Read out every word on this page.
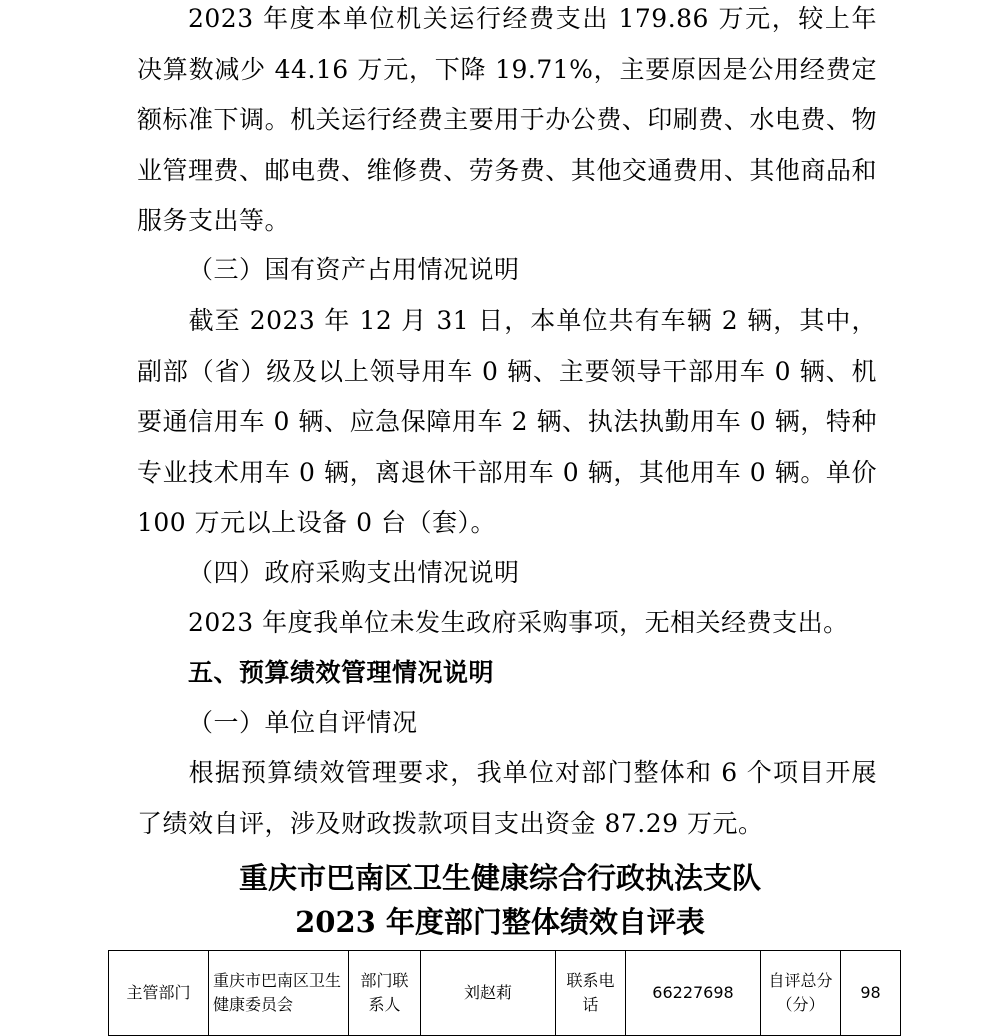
2023 年度本单位机关运行经费支出 179.86 万元，较上年决算数减少 44.16 万元，下降 19.71%，主要原因是公用经费定额标准下调。机关运行经费主要用于办公费、印刷费、水电费、物业管理费、邮电费、维修费、劳务费、其他交通费用、其他商品和服务支出等。
（三）国有资产占用情况说明
截至 2023 年 12 月 31 日，本单位共有车辆 2 辆，其中，副部（省）级及以上领导用车 0 辆、主要领导干部用车 0 辆、机要通信用车 0 辆、应急保障用车 2 辆、执法执勤用车 0 辆，特种专业技术用车 0 辆，离退休干部用车 0 辆，其他用车 0 辆。单价 100 万元以上设备 0 台（套）。
（四）政府采购支出情况说明
2023 年度我单位未发生政府采购事项，无相关经费支出。
五、预算绩效管理情况说明
（一）单位自评情况
根据预算绩效管理要求，我单位对部门整体和 6 个项目开展了绩效自评，涉及财政拨款项目支出资金 87.29 万元。
重庆市巴南区卫生健康综合行政执法支队
2023 年度部门整体绩效自评表
主管部门	重庆市巴南区卫生健康委员会	部门联系人	刘赵莉	联系电话	66227698	自评总分（分）	98
